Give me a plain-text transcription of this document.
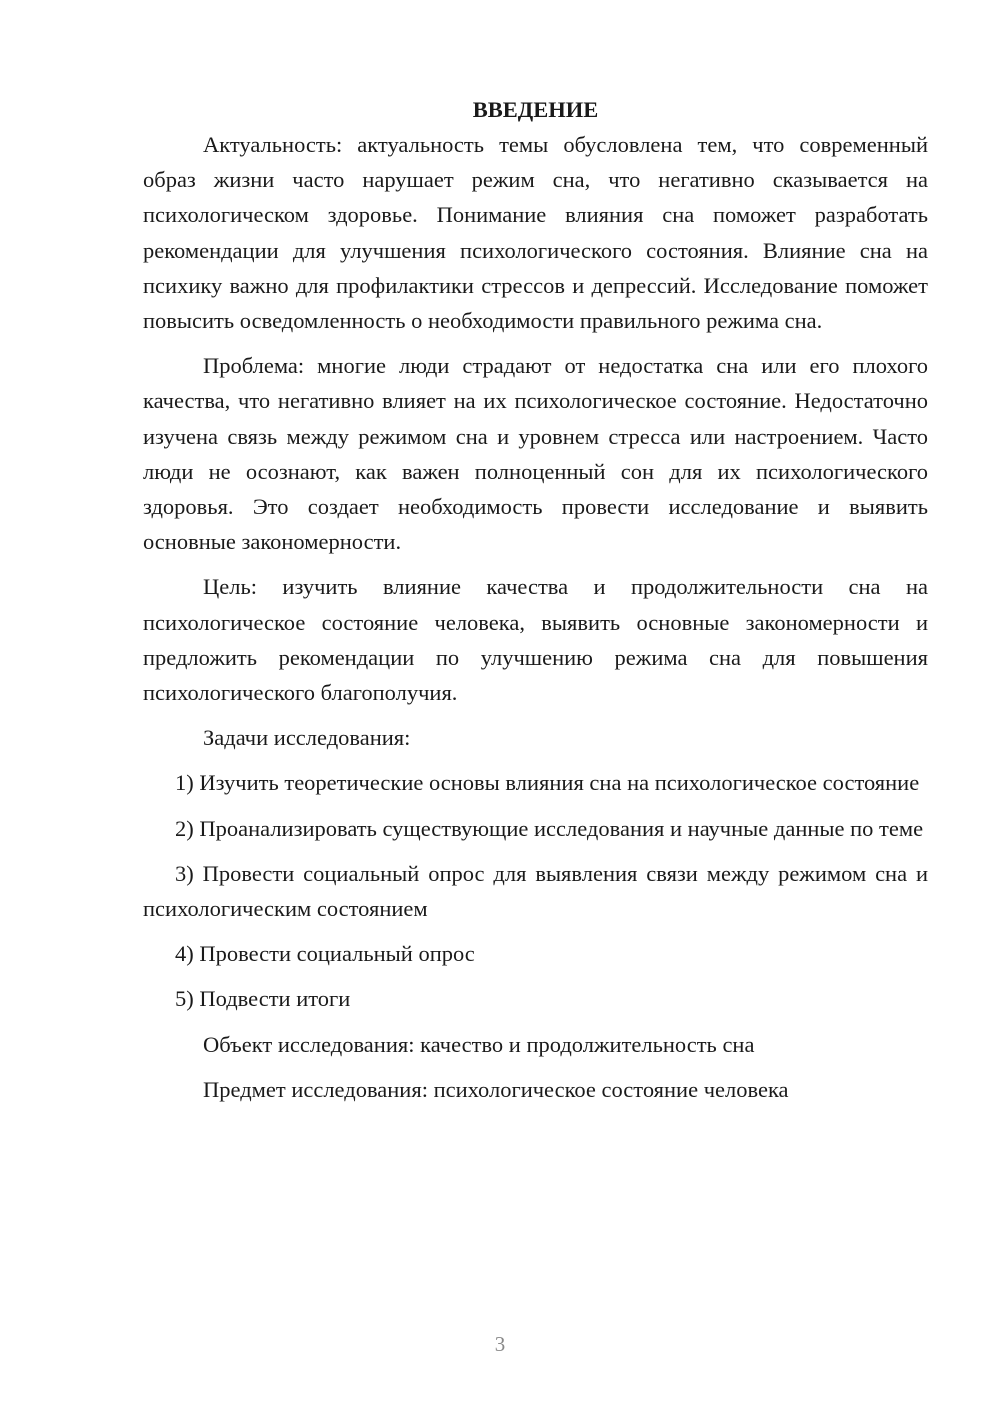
ВВЕДЕНИЕ

Актуальность: актуальность темы обусловлена тем, что современный образ жизни часто нарушает режим сна, что негативно сказывается на психологическом здоровье. Понимание влияния сна поможет разработать рекомендации для улучшения психологического состояния. Влияние сна на психику важно для профилактики стрессов и депрессий. Исследование поможет повысить осведомленность о необходимости правильного режима сна.

Проблема: многие люди страдают от недостатка сна или его плохого качества, что негативно влияет на их психологическое состояние. Недостаточно изучена связь между режимом сна и уровнем стресса или настроением. Часто люди не осознают, как важен полноценный сон для их психологического здоровья. Это создает необходимость провести исследование и выявить основные закономерности.

Цель: изучить влияние качества и продолжительности сна на психологическое состояние человека, выявить основные закономерности и предложить рекомендации по улучшению режима сна для повышения психологического благополучия.

Задачи исследования:

1) Изучить теоретические основы влияния сна на психологическое состояние

2) Проанализировать существующие исследования и научные данные по теме

3) Провести социальный опрос для выявления связи между режимом сна и психологическим состоянием

4) Провести социальный опрос

5) Подвести итоги

Объект исследования: качество и продолжительность сна

Предмет исследования: психологическое состояние человека

3
